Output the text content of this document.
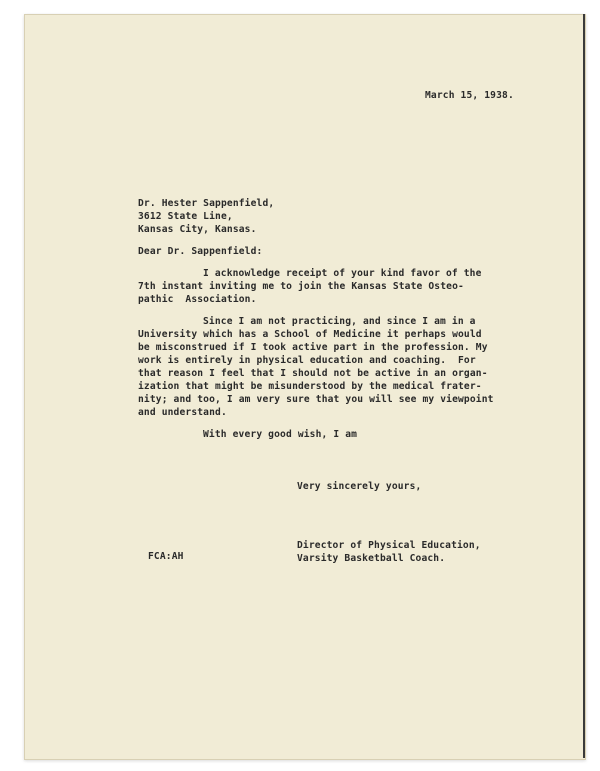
March 15, 1938.
Dr. Hester Sappenfield,
3612 State Line,
Kansas City, Kansas.
Dear Dr. Sappenfield:
I acknowledge receipt of your kind favor of the
7th instant inviting me to join the Kansas State Osteo-
pathic  Association.
Since I am not practicing, and since I am in a
University which has a School of Medicine it perhaps would
be misconstrued if I took active part in the profession. My
work is entirely in physical education and coaching.  For
that reason I feel that I should not be active in an organ-
ization that might be misunderstood by the medical frater-
nity; and too, I am very sure that you will see my viewpoint
and understand.
With every good wish, I am
Very sincerely yours,
Director of Physical Education,
Varsity Basketball Coach.
FCA:AH
